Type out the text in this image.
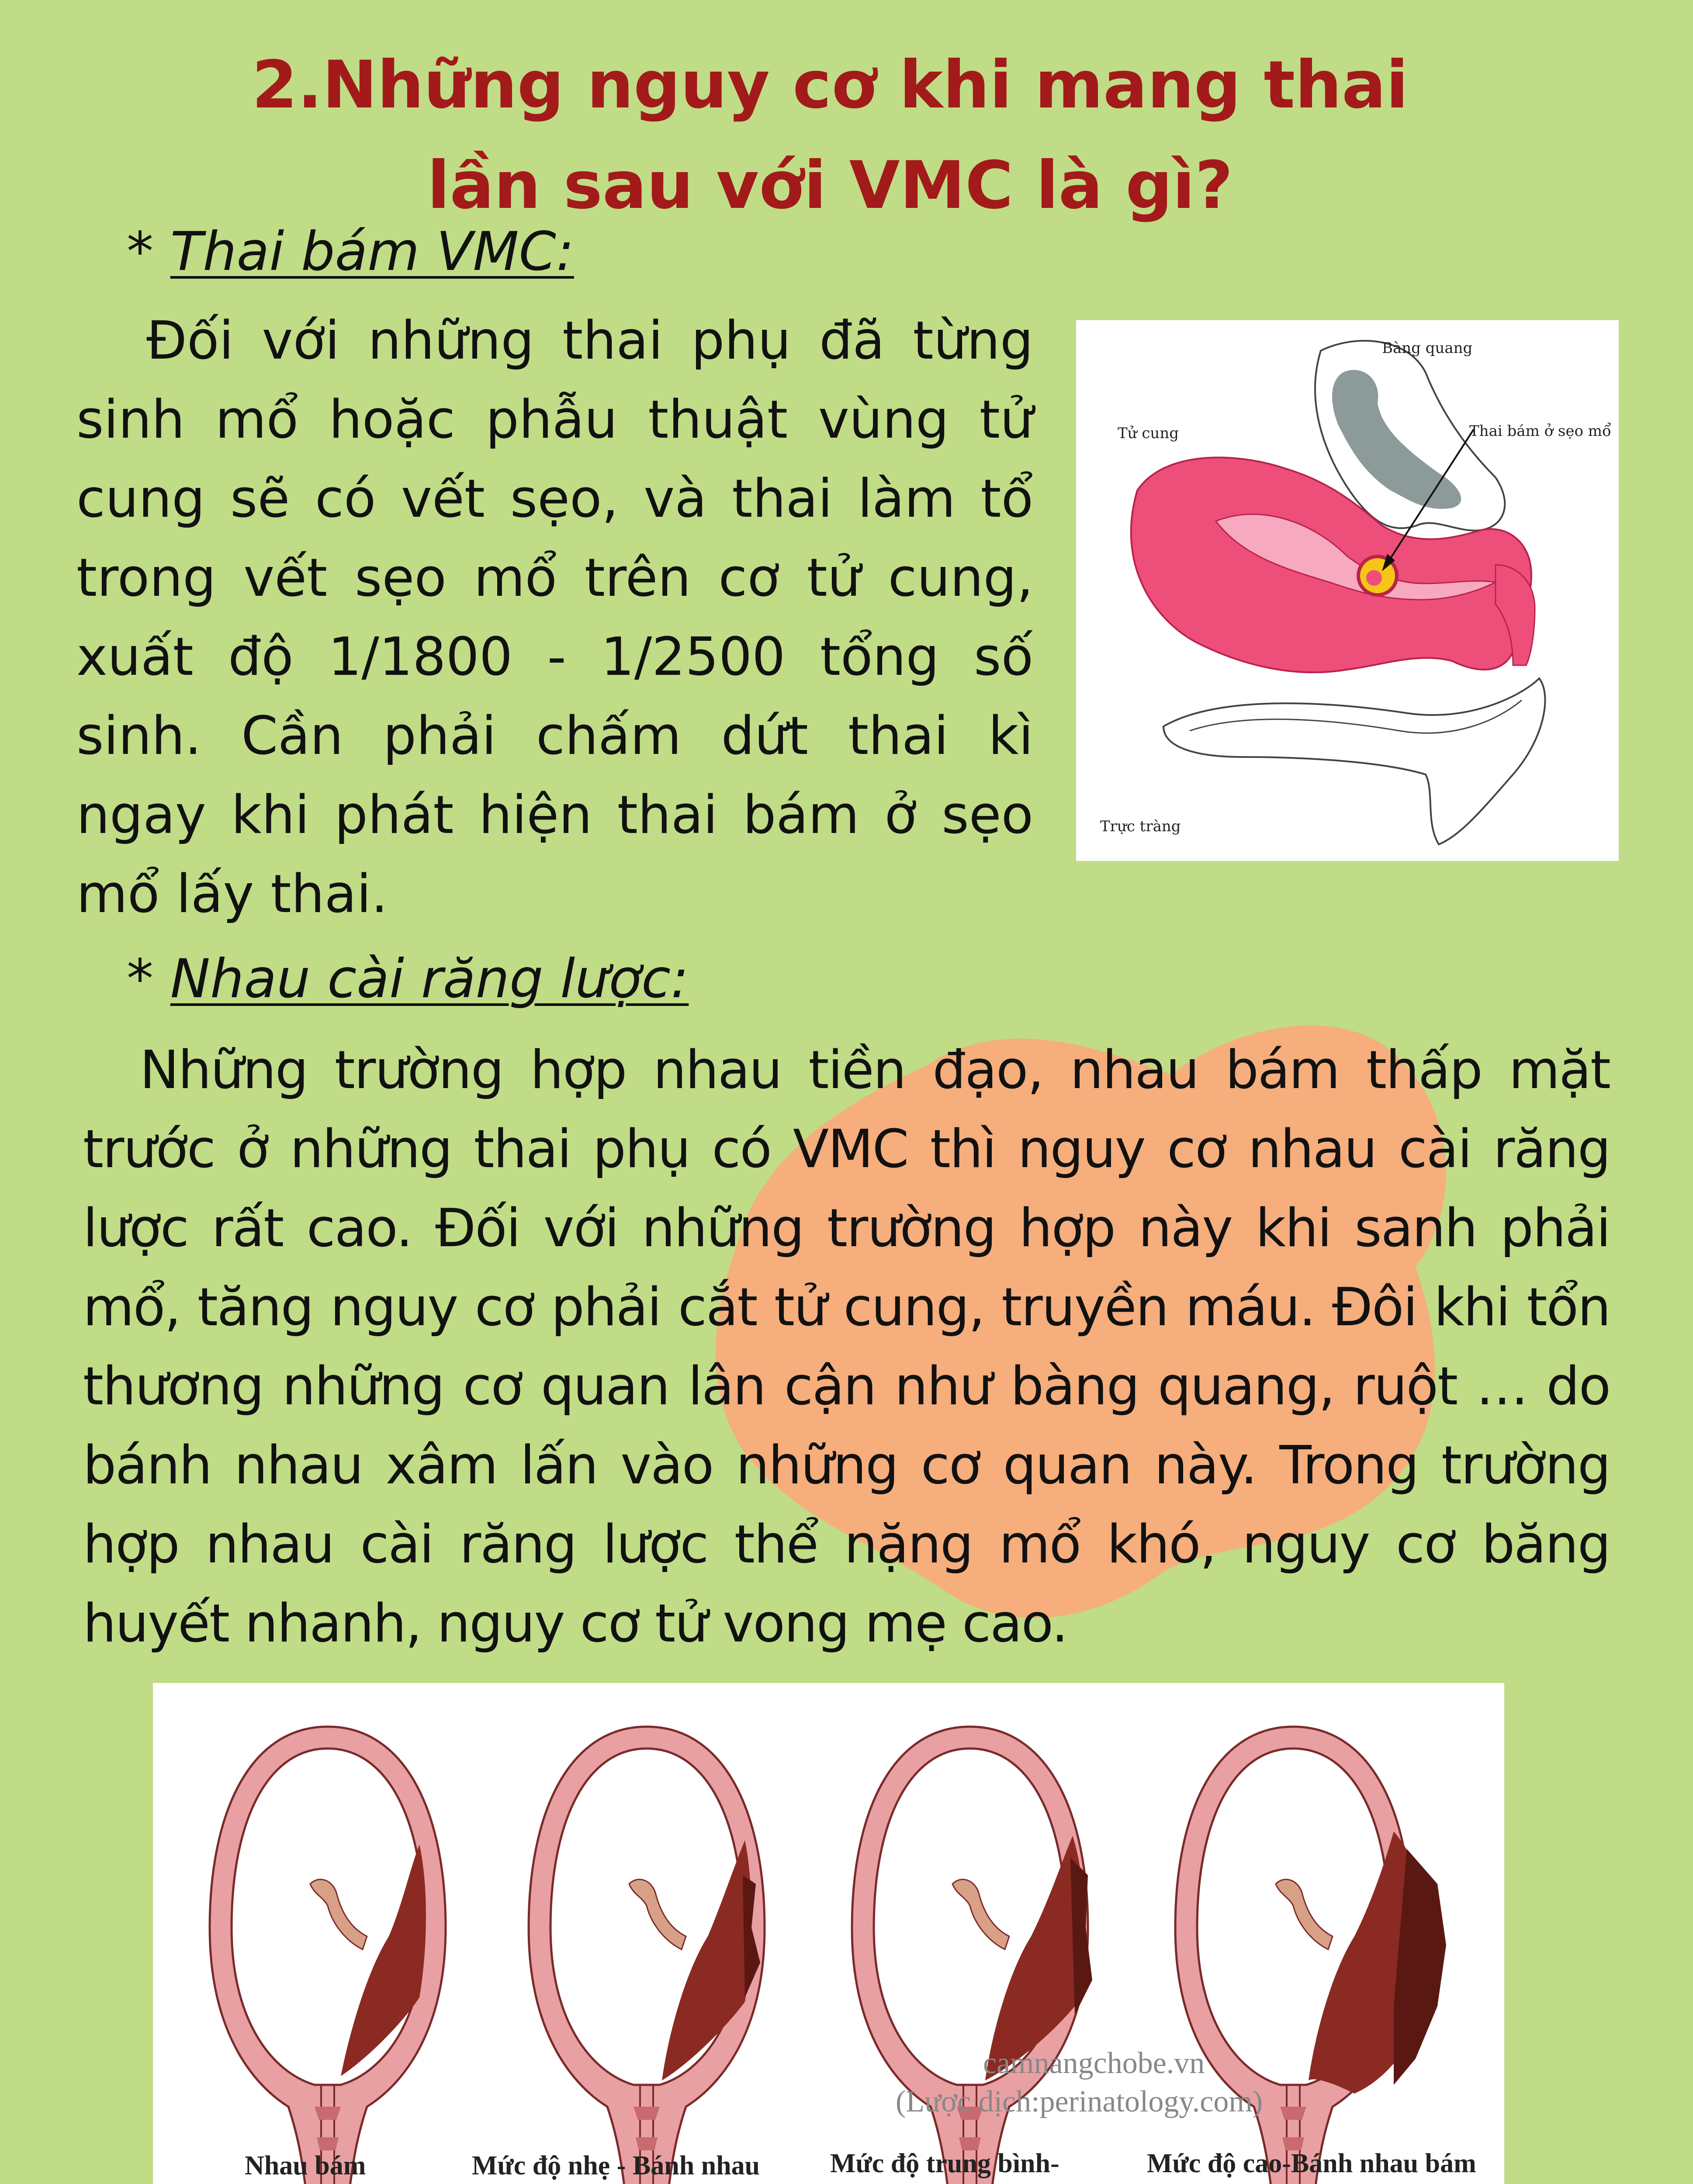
2.Những nguy cơ khi mang thai
lần sau với VMC là gì?
* Thai bám VMC:
Đối với những thai phụ đã từng sinh mổ hoặc phẫu thuật vùng tử cung sẽ có vết sẹo, và thai làm tổ trong vết sẹo mổ trên cơ tử cung, xuất độ 1/1800 - 1/2500 tổng số sinh. Cần phải chấm dứt thai kì ngay khi phát hiện thai bám ở sẹo mổ lấy thai.
Bàng quang
Tử cung	Thai bám ở sẹo mổ
Trực tràng
* Nhau cài răng lược:
Những trường hợp nhau tiền đạo, nhau bám thấp mặt trước ở những thai phụ có VMC thì nguy cơ nhau cài răng lược rất cao. Đối với những trường hợp này khi sanh phải mổ, tăng nguy cơ phải cắt tử cung, truyền máu. Đôi khi tổn thương những cơ quan lân cận như bàng quang, ruột … do bánh nhau xâm lấn vào những cơ quan này. Trong trường hợp nhau cài răng lược thể nặng mổ khó, nguy cơ băng huyết nhanh, nguy cơ tử vong mẹ cao.
camnangchobe.vn
(Lược dịch:perinatology.com)
Nhau bám	Mức độ nhẹ - Bánh nhau	Mức độ trung bình-	Mức độ cao-Bánh nhau bám
